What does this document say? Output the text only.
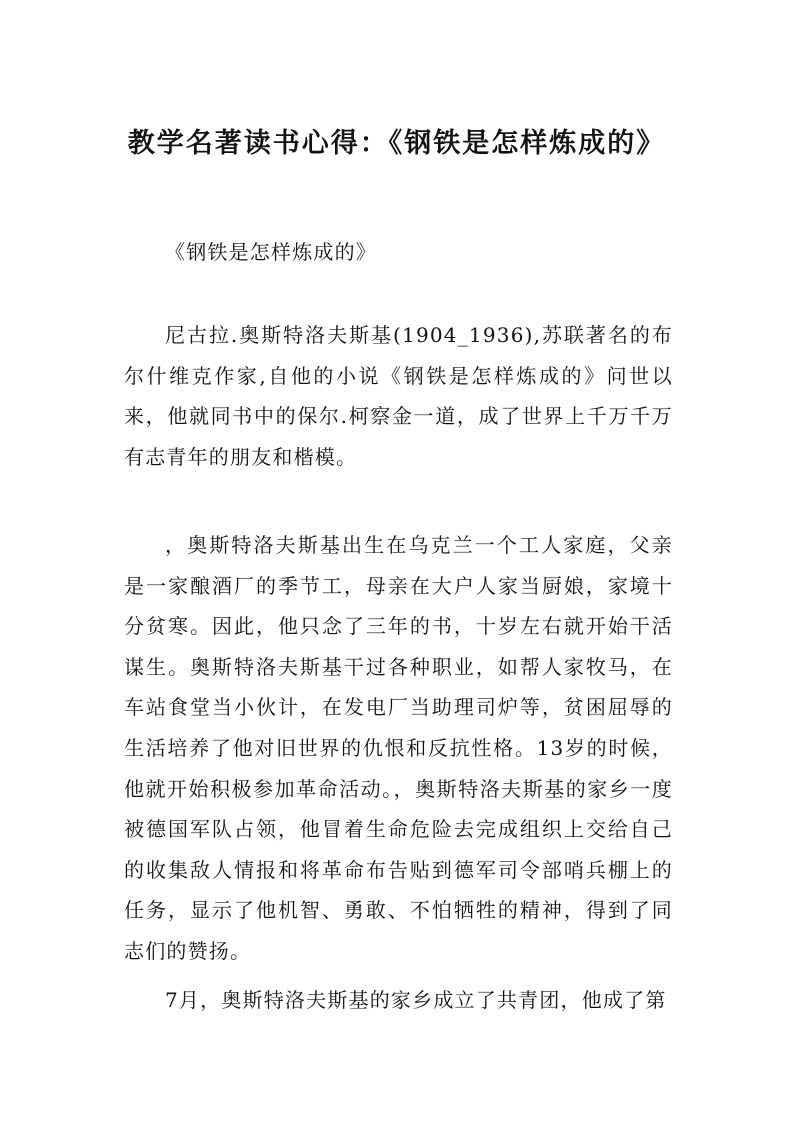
教学名著读书心得：《钢铁是怎样炼成的》

《钢铁是怎样炼成的》

尼古拉.奥斯特洛夫斯基(1904_1936),苏联著名的布尔什维克作家,自他的小说《钢铁是怎样炼成的》问世以来，他就同书中的保尔.柯察金一道，成了世界上千万千万有志青年的朋友和楷模。

，奥斯特洛夫斯基出生在乌克兰一个工人家庭，父亲是一家酿酒厂的季节工，母亲在大户人家当厨娘，家境十分贫寒。因此，他只念了三年的书，十岁左右就开始干活谋生。奥斯特洛夫斯基干过各种职业，如帮人家牧马，在车站食堂当小伙计，在发电厂当助理司炉等，贫困屈辱的生活培养了他对旧世界的仇恨和反抗性格。13岁的时候，他就开始积极参加革命活动。，奥斯特洛夫斯基的家乡一度被德国军队占领，他冒着生命危险去完成组织上交给自己的收集敌人情报和将革命布告贴到德军司令部哨兵棚上的任务，显示了他机智、勇敢、不怕牺牲的精神，得到了同志们的赞扬。

7月，奥斯特洛夫斯基的家乡成立了共青团，他成了第
